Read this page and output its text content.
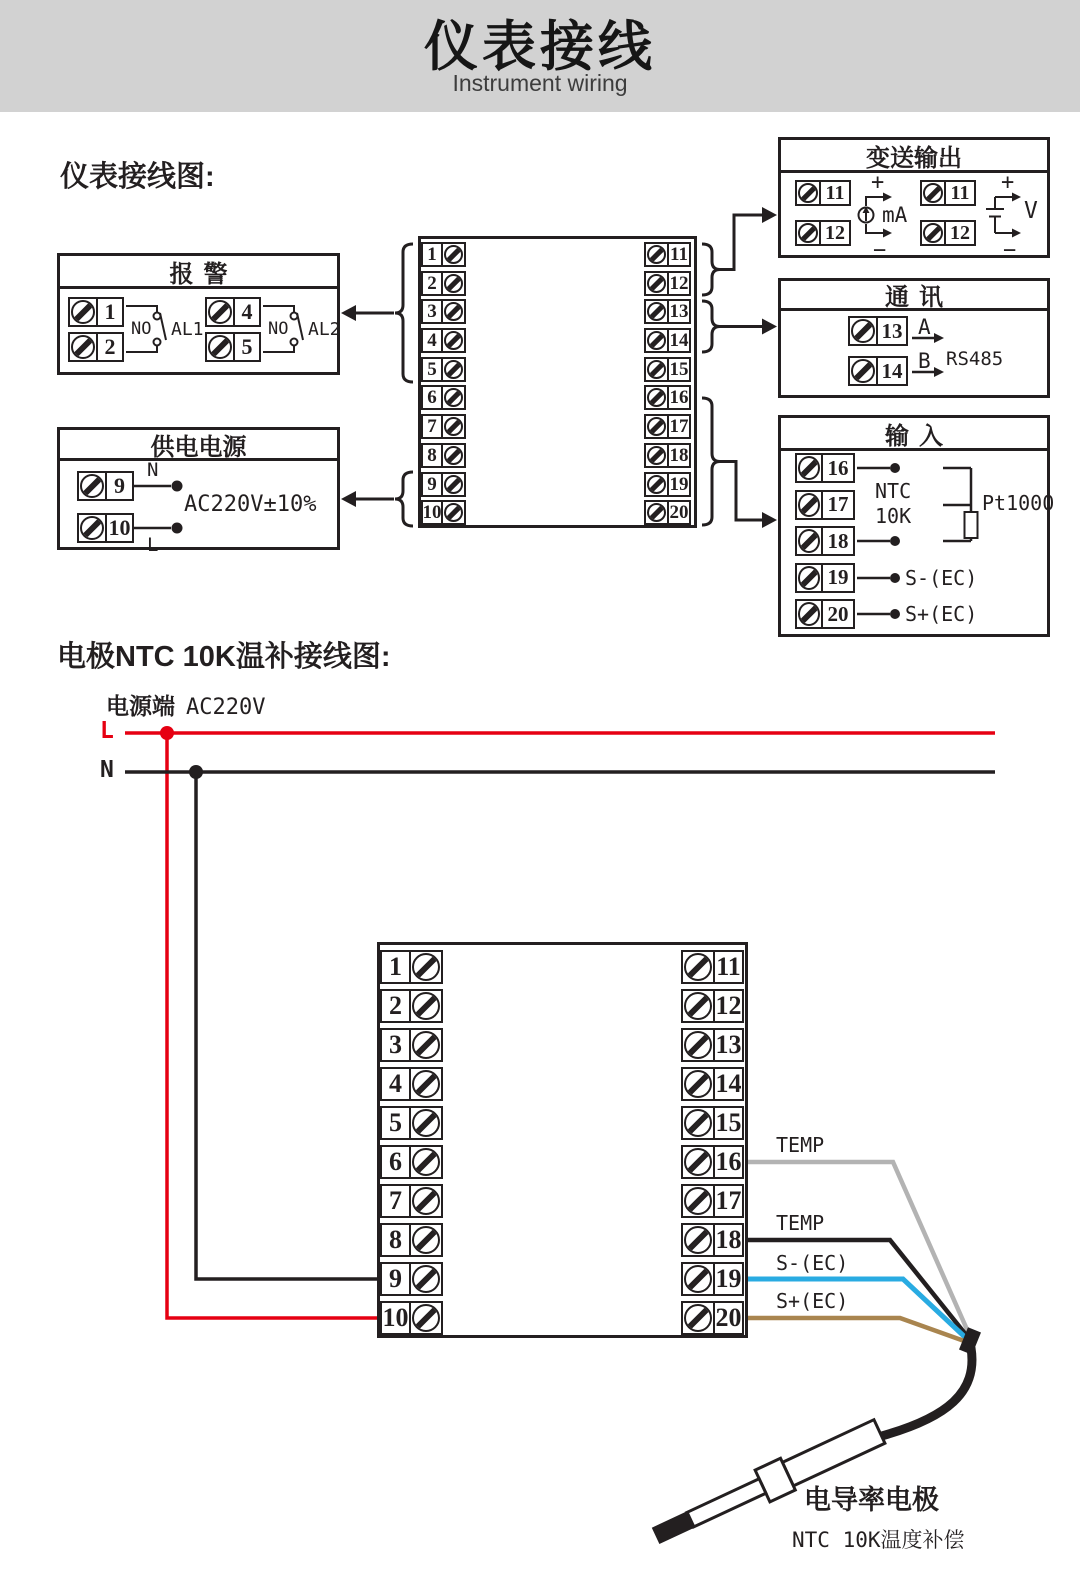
仪表接线
Instrument wiring
仪表接线图:
1
2
3
4
5
6
7
8
9
10
11
12
13
14
15
16
17
18
19
20
报警
1
2
4
5
NO AL1	NO AL2
供电电源
9
10
N
L
AC220V±10%
变送输出
11
12
11
12
+
−
mA
+
−
V
通讯
13
14
A
B RS485
输入
16
17
18
19
20
NTC
10K
Pt1000
S-(EC)
S+(EC)
电极NTC 10K温补接线图:
电源端 AC220V
L
N
1
2
3
4
5
6
7
8
9
10
11
12
13
14
15
16
17
18
19
20
TEMP
TEMP
S-(EC)
S+(EC)
电导率电极
NTC 10K温度补偿
